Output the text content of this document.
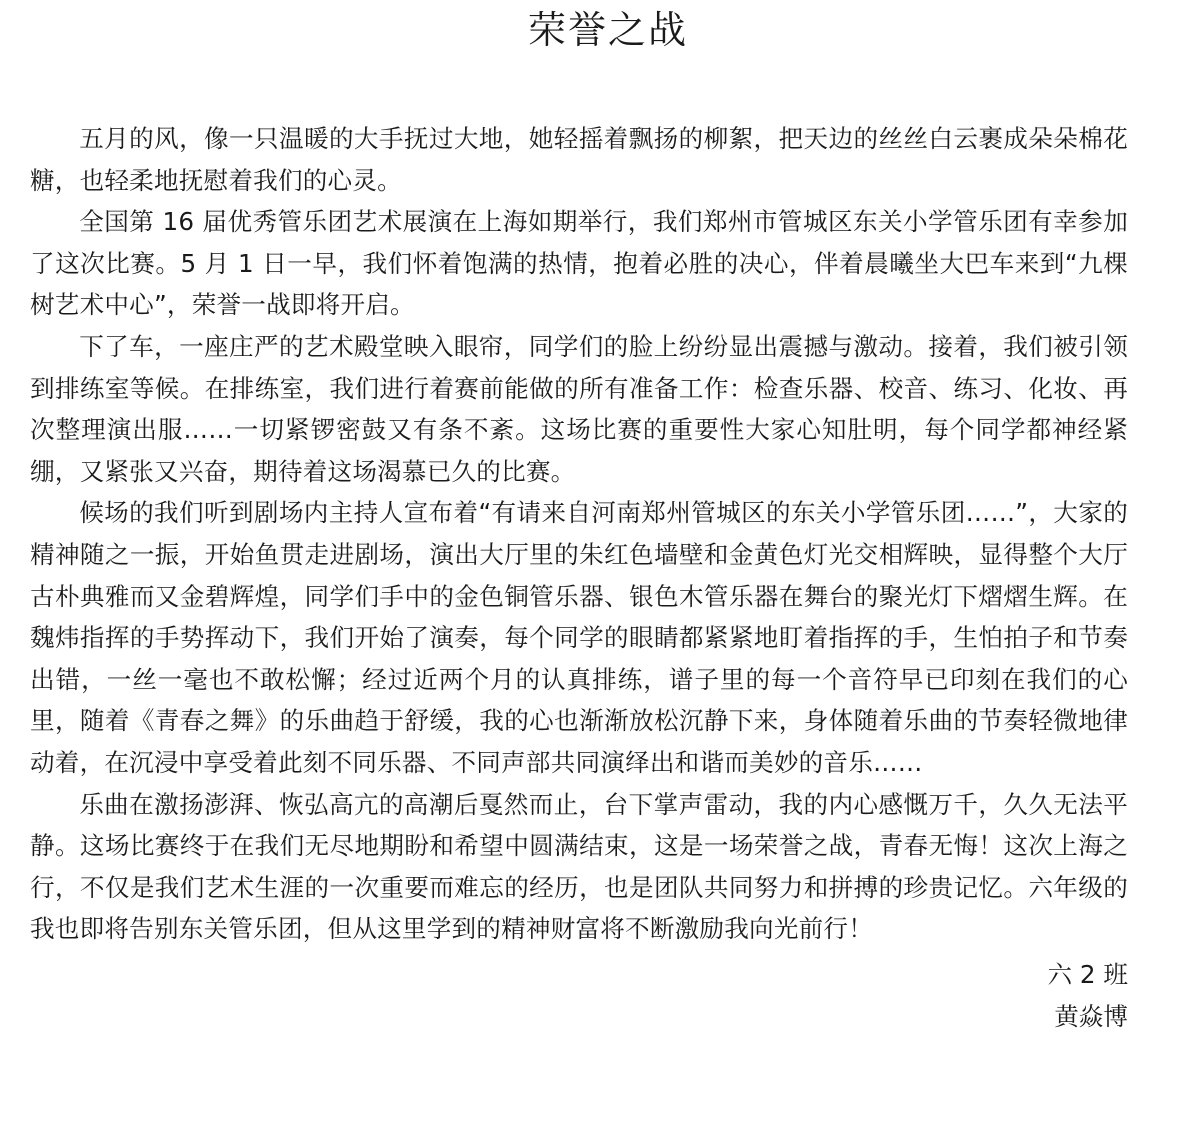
荣誉之战

五月的风，像一只温暖的大手抚过大地，她轻摇着飘扬的柳絮，把天边的丝丝白云裹成朵朵棉花糖，也轻柔地抚慰着我们的心灵。

全国第 16 届优秀管乐团艺术展演在上海如期举行，我们郑州市管城区东关小学管乐团有幸参加了这次比赛。5 月 1 日一早，我们怀着饱满的热情，抱着必胜的决心，伴着晨曦坐大巴车来到“九棵树艺术中心”，荣誉一战即将开启。

下了车，一座庄严的艺术殿堂映入眼帘，同学们的脸上纷纷显出震撼与激动。接着，我们被引领到排练室等候。在排练室，我们进行着赛前能做的所有准备工作：检查乐器、校音、练习、化妆、再次整理演出服……一切紧锣密鼓又有条不紊。这场比赛的重要性大家心知肚明，每个同学都神经紧绷，又紧张又兴奋，期待着这场渴慕已久的比赛。

候场的我们听到剧场内主持人宣布着“有请来自河南郑州管城区的东关小学管乐团……”，大家的精神随之一振，开始鱼贯走进剧场，演出大厅里的朱红色墙壁和金黄色灯光交相辉映，显得整个大厅古朴典雅而又金碧辉煌，同学们手中的金色铜管乐器、银色木管乐器在舞台的聚光灯下熠熠生辉。在魏炜指挥的手势挥动下，我们开始了演奏，每个同学的眼睛都紧紧地盯着指挥的手，生怕拍子和节奏出错，一丝一毫也不敢松懈；经过近两个月的认真排练，谱子里的每一个音符早已印刻在我们的心里，随着《青春之舞》的乐曲趋于舒缓，我的心也渐渐放松沉静下来，身体随着乐曲的节奏轻微地律动着，在沉浸中享受着此刻不同乐器、不同声部共同演绎出和谐而美妙的音乐……

乐曲在激扬澎湃、恢弘高亢的高潮后戛然而止，台下掌声雷动，我的内心感慨万千，久久无法平静。这场比赛终于在我们无尽地期盼和希望中圆满结束，这是一场荣誉之战，青春无悔！这次上海之行，不仅是我们艺术生涯的一次重要而难忘的经历，也是团队共同努力和拼搏的珍贵记忆。六年级的我也即将告别东关管乐团，但从这里学到的精神财富将不断激励我向光前行！

六 2 班
黄焱博
